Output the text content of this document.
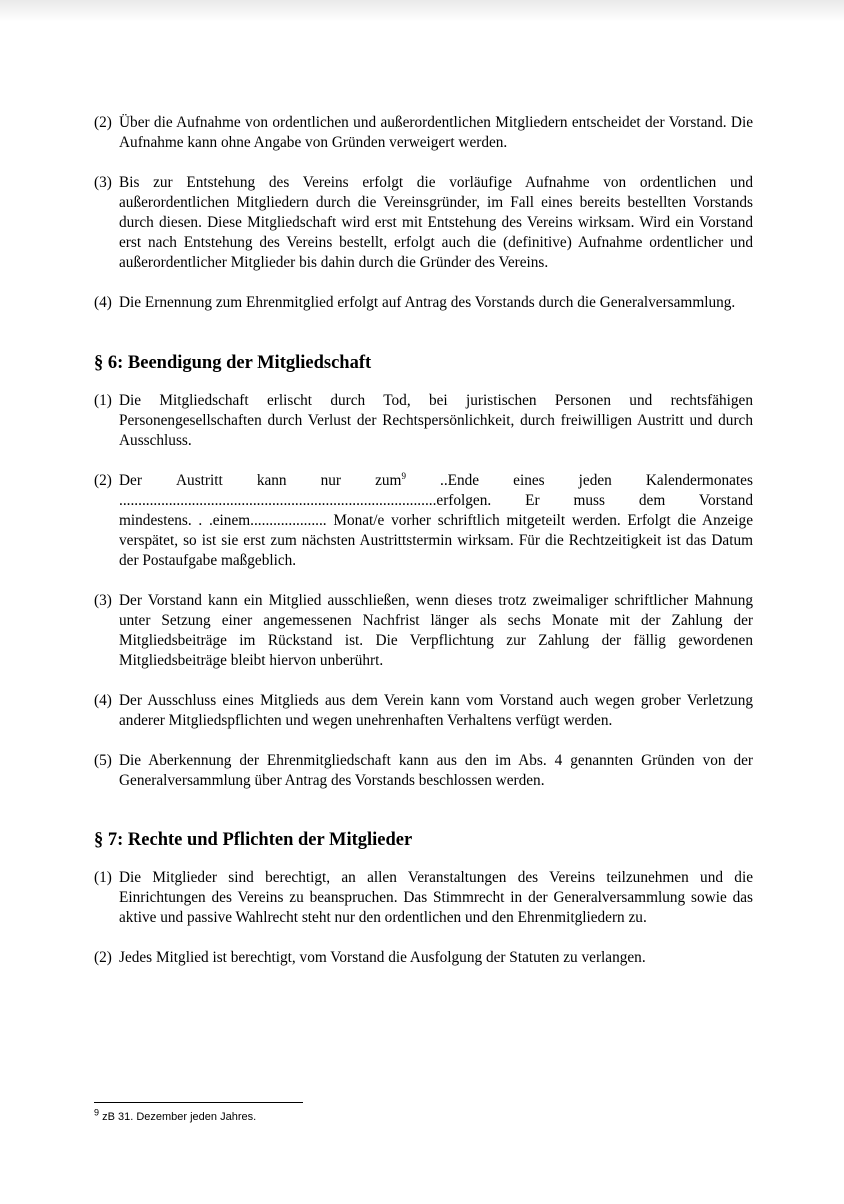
(2) Über die Aufnahme von ordentlichen und außerordentlichen Mitgliedern entscheidet der Vorstand. Die Aufnahme kann ohne Angabe von Gründen verweigert werden.
(3) Bis zur Entstehung des Vereins erfolgt die vorläufige Aufnahme von ordentlichen und außerordentlichen Mitgliedern durch die Vereinsgründer, im Fall eines bereits bestellten Vorstands durch diesen. Diese Mitgliedschaft wird erst mit Entstehung des Vereins wirksam. Wird ein Vorstand erst nach Entstehung des Vereins bestellt, erfolgt auch die (definitive) Aufnahme ordentlicher und außerordentlicher Mitglieder bis dahin durch die Gründer des Vereins.
(4) Die Ernennung zum Ehrenmitglied erfolgt auf Antrag des Vorstands durch die Generalversammlung.
§ 6: Beendigung der Mitgliedschaft
(1) Die Mitgliedschaft erlischt durch Tod, bei juristischen Personen und rechtsfähigen Personengesellschaften durch Verlust der Rechtspersönlichkeit, durch freiwilligen Austritt und durch Ausschluss.
(2) Der Austritt kann nur zum$^9$ ..Ende eines jeden Kalendermonates
...................................................................................erfolgen. Er muss dem Vorstand
mindestens. . .einem.................... Monat/e vorher schriftlich mitgeteilt werden. Erfolgt die Anzeige verspätet, so ist sie erst zum nächsten Austrittstermin wirksam. Für die Rechtzeitigkeit ist das Datum der Postaufgabe maßgeblich.
(3) Der Vorstand kann ein Mitglied ausschließen, wenn dieses trotz zweimaliger schriftlicher Mahnung unter Setzung einer angemessenen Nachfrist länger als sechs Monate mit der Zahlung der Mitgliedsbeiträge im Rückstand ist. Die Verpflichtung zur Zahlung der fällig gewordenen Mitgliedsbeiträge bleibt hiervon unberührt.
(4) Der Ausschluss eines Mitglieds aus dem Verein kann vom Vorstand auch wegen grober Verletzung anderer Mitgliedspflichten und wegen unehrenhaften Verhaltens verfügt werden.
(5) Die Aberkennung der Ehrenmitgliedschaft kann aus den im Abs. 4 genannten Gründen von der Generalversammlung über Antrag des Vorstands beschlossen werden.
§ 7: Rechte und Pflichten der Mitglieder
(1) Die Mitglieder sind berechtigt, an allen Veranstaltungen des Vereins teilzunehmen und die Einrichtungen des Vereins zu beanspruchen. Das Stimmrecht in der Generalversammlung sowie das aktive und passive Wahlrecht steht nur den ordentlichen und den Ehrenmitgliedern zu.
(2) Jedes Mitglied ist berechtigt, vom Vorstand die Ausfolgung der Statuten zu verlangen.
$^9$ zB 31. Dezember jeden Jahres.
